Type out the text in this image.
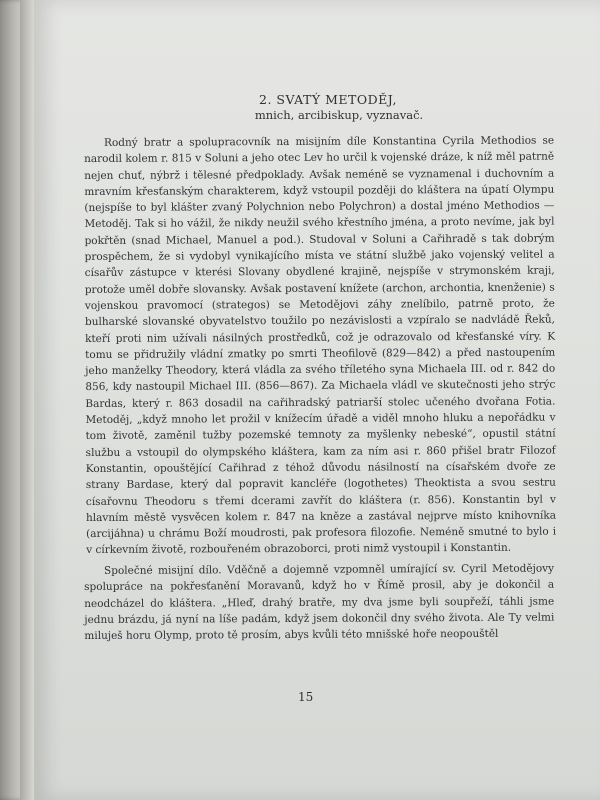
2. SVATÝ METODĚJ,
mnich, arcibiskup, vyznavač.

Rodný bratr a spolupracovník na misijním díle Konstantina Cyrila Methodios se narodil kolem r. 815 v Soluni a jeho otec Lev ho určil k vojenské dráze, k níž měl patrně nejen chuť, nýbrž i tělesné předpoklady. Avšak neméně se vyznamenal i duchovním a mravním křesťanským charakterem, když vstoupil později do kláštera na úpatí Olympu (nejspíše to byl klášter zvaný Polychnion nebo Polychron) a dostal jméno Methodios — Metoděj. Tak si ho vážil, že nikdy neužil svého křestního jména, a proto nevíme, jak byl pokřtěn (snad Michael, Manuel a pod.). Studoval v Soluni a Cařihradě s tak dobrým prospěchem, že si vydobyl vynikajícího místa ve státní službě jako vojenský velitel a císařův zástupce v kterési Slovany obydlené krajině, nejspíše v strymonském kraji, protože uměl dobře slovansky. Avšak postavení knížete (archon, archontia, knenženie) s vojenskou pravomocí (strategos) se Metodějovi záhy znelíbilo, patrně proto, že bulharské slovanské obyvatelstvo toužilo po nezávislosti a vzpíralo se nadvládě Řeků, kteří proti nim užívali násilných prostředků, což je odrazovalo od křesťanské víry. K tomu se přidružily vládní zmatky po smrti Theofilově (829—842) a před nastoupením jeho manželky Theodory, která vládla za svého tříletého syna Michaela III. od r. 842 do 856, kdy nastoupil Michael III. (856—867). Za Michaela vládl ve skutečnosti jeho strýc Bardas, který r. 863 dosadil na cařihradský patriarší stolec učeného dvořana Fotia. Metoděj, „když mnoho let prožil v knížecím úřadě a viděl mnoho hluku a nepořádku v tom životě, zaměnil tužby pozemské temnoty za myšlenky nebeské“, opustil státní službu a vstoupil do olympského kláštera, kam za ním asi r. 860 přišel bratr Filozof Konstantin, opouštějící Cařihrad z téhož důvodu násilností na císařském dvoře ze strany Bardase, který dal popravit kancléře (logothetes) Theoktista a svou sestru císařovnu Theodoru s třemi dcerami zavřít do kláštera (r. 856). Konstantin byl v hlavním městě vysvěcen kolem r. 847 na kněze a zastával nejprve místo knihovníka (arcijáhna) u chrámu Boží moudrosti, pak profesora filozofie. Neméně smutné to bylo i v církevním životě, rozbouřeném obrazoborci, proti nimž vystoupil i Konstantin.

Společné misijní dílo. Vděčně a dojemně vzpomněl umírající sv. Cyril Metodějovy spolupráce na pokřesťanění Moravanů, když ho v Římě prosil, aby je dokončil a neodcházel do kláštera. „Hleď, drahý bratře, my dva jsme byli soupřeží, táhli jsme jednu brázdu, já nyní na líše padám, když jsem dokončil dny svého života. Ale Ty velmi miluješ horu Olymp, proto tě prosím, abys kvůli této mnišské hoře neopouštěl

15
